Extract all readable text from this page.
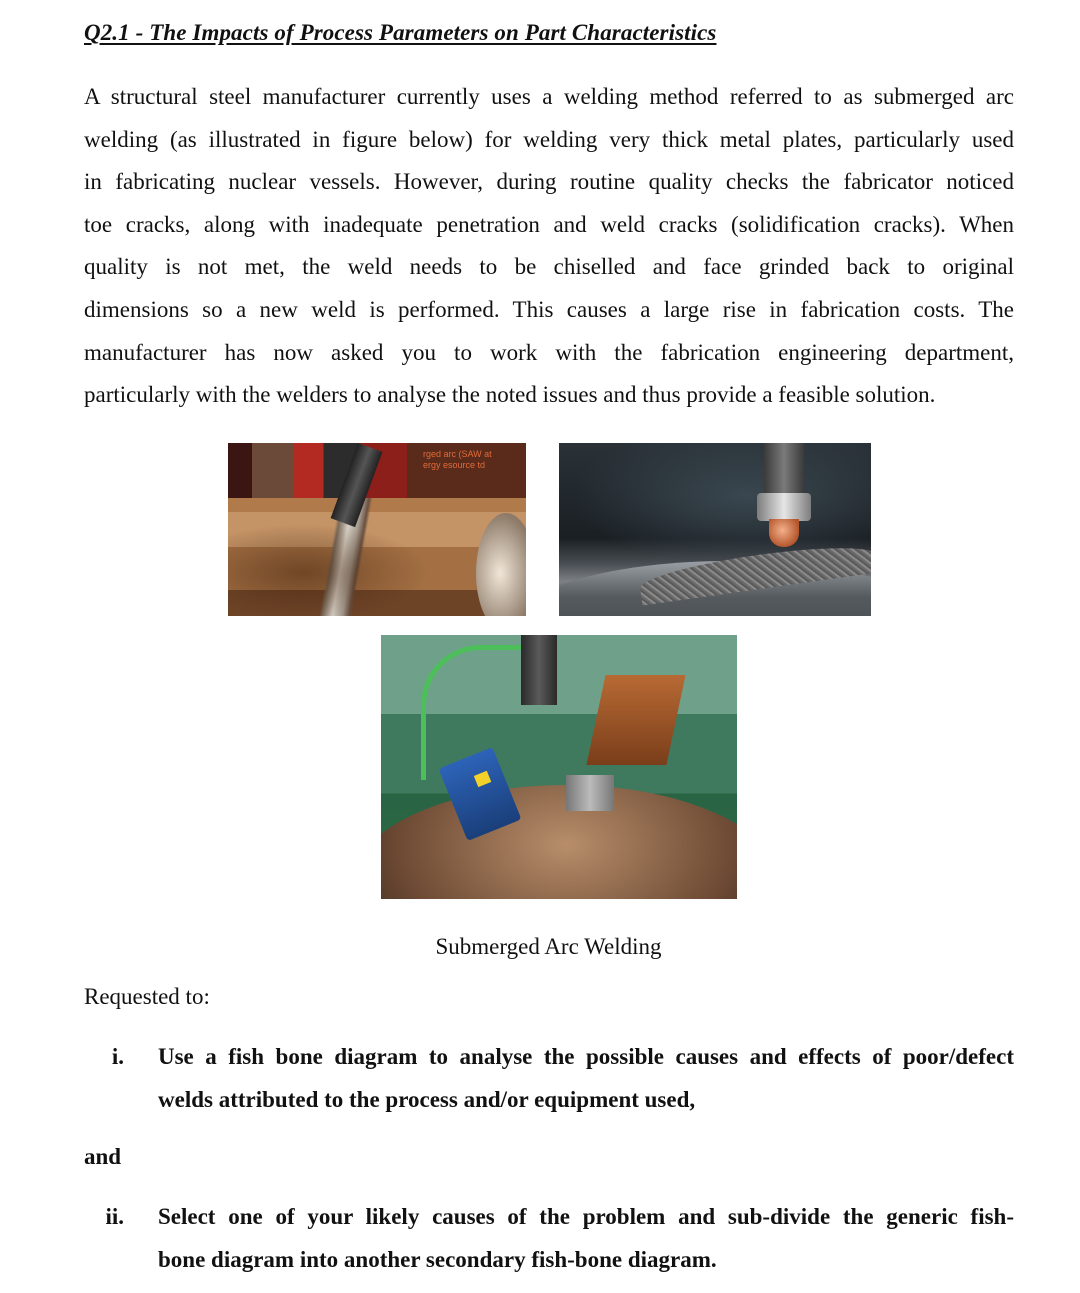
Q2.1 - The Impacts of Process Parameters on Part Characteristics
A structural steel manufacturer currently uses a welding method referred to as submerged arc
welding (as illustrated in figure below) for welding very thick metal plates, particularly used
in fabricating nuclear vessels. However, during routine quality checks the fabricator noticed
toe cracks, along with inadequate penetration and weld cracks (solidification cracks). When
quality is not met, the weld needs to be chiselled and face grinded back to original
dimensions so a new weld is performed. This causes a large rise in fabrication costs. The
manufacturer has now asked you to work with the fabrication engineering department,
particularly with the welders to analyse the noted issues and thus provide a feasible solution.
rged arc (SAW at
ergy esource td
Submerged Arc Welding
Requested to:
i. Use a fish bone diagram to analyse the possible causes and effects of poor/defect
welds attributed to the process and/or equipment used,
and
ii. Select one of your likely causes of the problem and sub-divide the generic fish-
bone diagram into another secondary fish-bone diagram.
